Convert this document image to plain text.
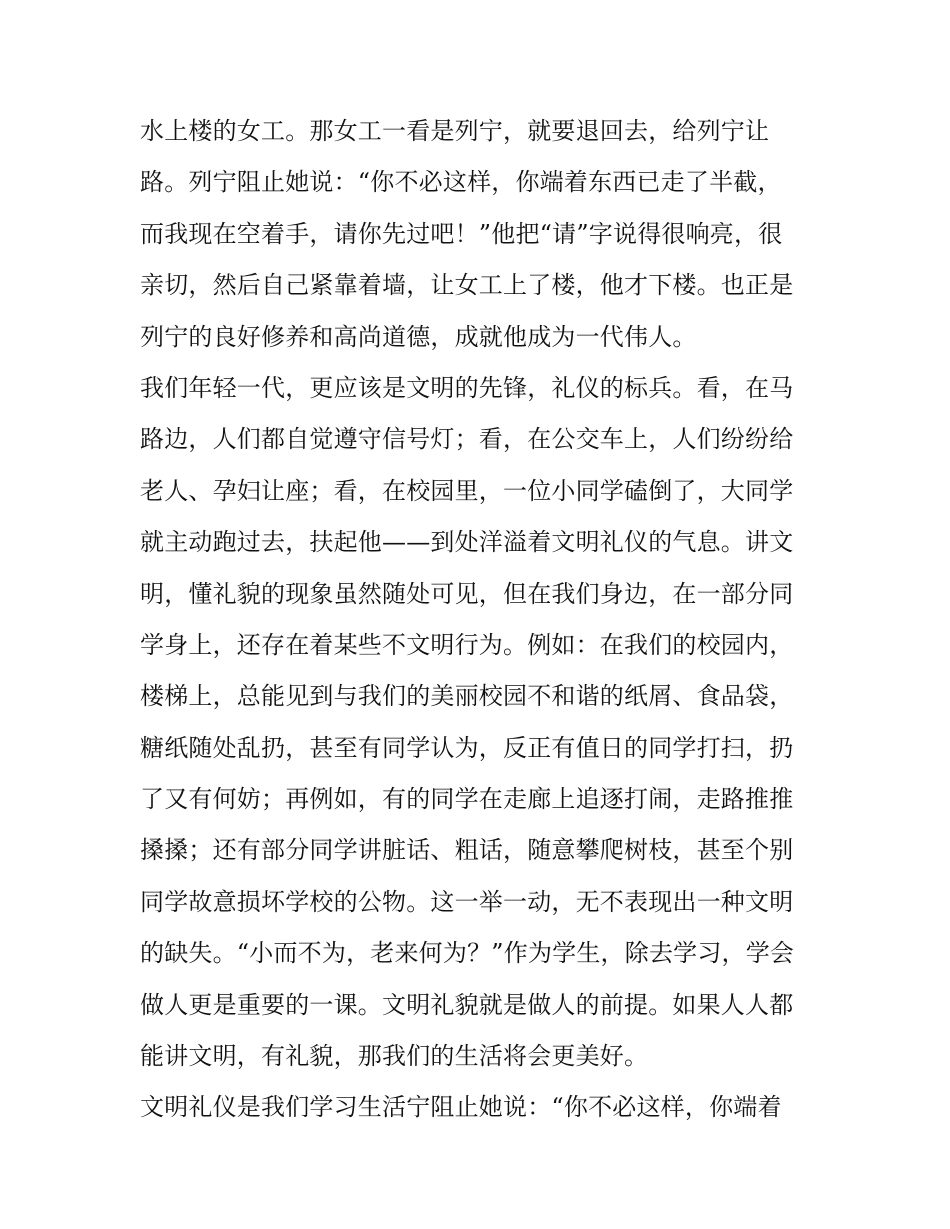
水上楼的女工。那女工一看是列宁，就要退回去，给列宁让
路。列宁阻止她说：“你不必这样，你端着东西已走了半截，
而我现在空着手，请你先过吧！”他把“请”字说得很响亮，很
亲切，然后自己紧靠着墙，让女工上了楼，他才下楼。也正是
列宁的良好修养和高尚道德，成就他成为一代伟人。
我们年轻一代，更应该是文明的先锋，礼仪的标兵。看，在马
路边，人们都自觉遵守信号灯；看，在公交车上，人们纷纷给
老人、孕妇让座；看，在校园里，一位小同学磕倒了，大同学
就主动跑过去，扶起他——到处洋溢着文明礼仪的气息。讲文
明，懂礼貌的现象虽然随处可见，但在我们身边，在一部分同
学身上，还存在着某些不文明行为。例如：在我们的校园内，
楼梯上，总能见到与我们的美丽校园不和谐的纸屑、食品袋，
糖纸随处乱扔，甚至有同学认为，反正有值日的同学打扫，扔
了又有何妨；再例如，有的同学在走廊上追逐打闹，走路推推
搡搡；还有部分同学讲脏话、粗话，随意攀爬树枝，甚至个别
同学故意损坏学校的公物。这一举一动，无不表现出一种文明
的缺失。“小而不为，老来何为？”作为学生，除去学习，学会
做人更是重要的一课。文明礼貌就是做人的前提。如果人人都
能讲文明，有礼貌，那我们的生活将会更美好。
文明礼仪是我们学习生活宁阻止她说：“你不必这样，你端着
